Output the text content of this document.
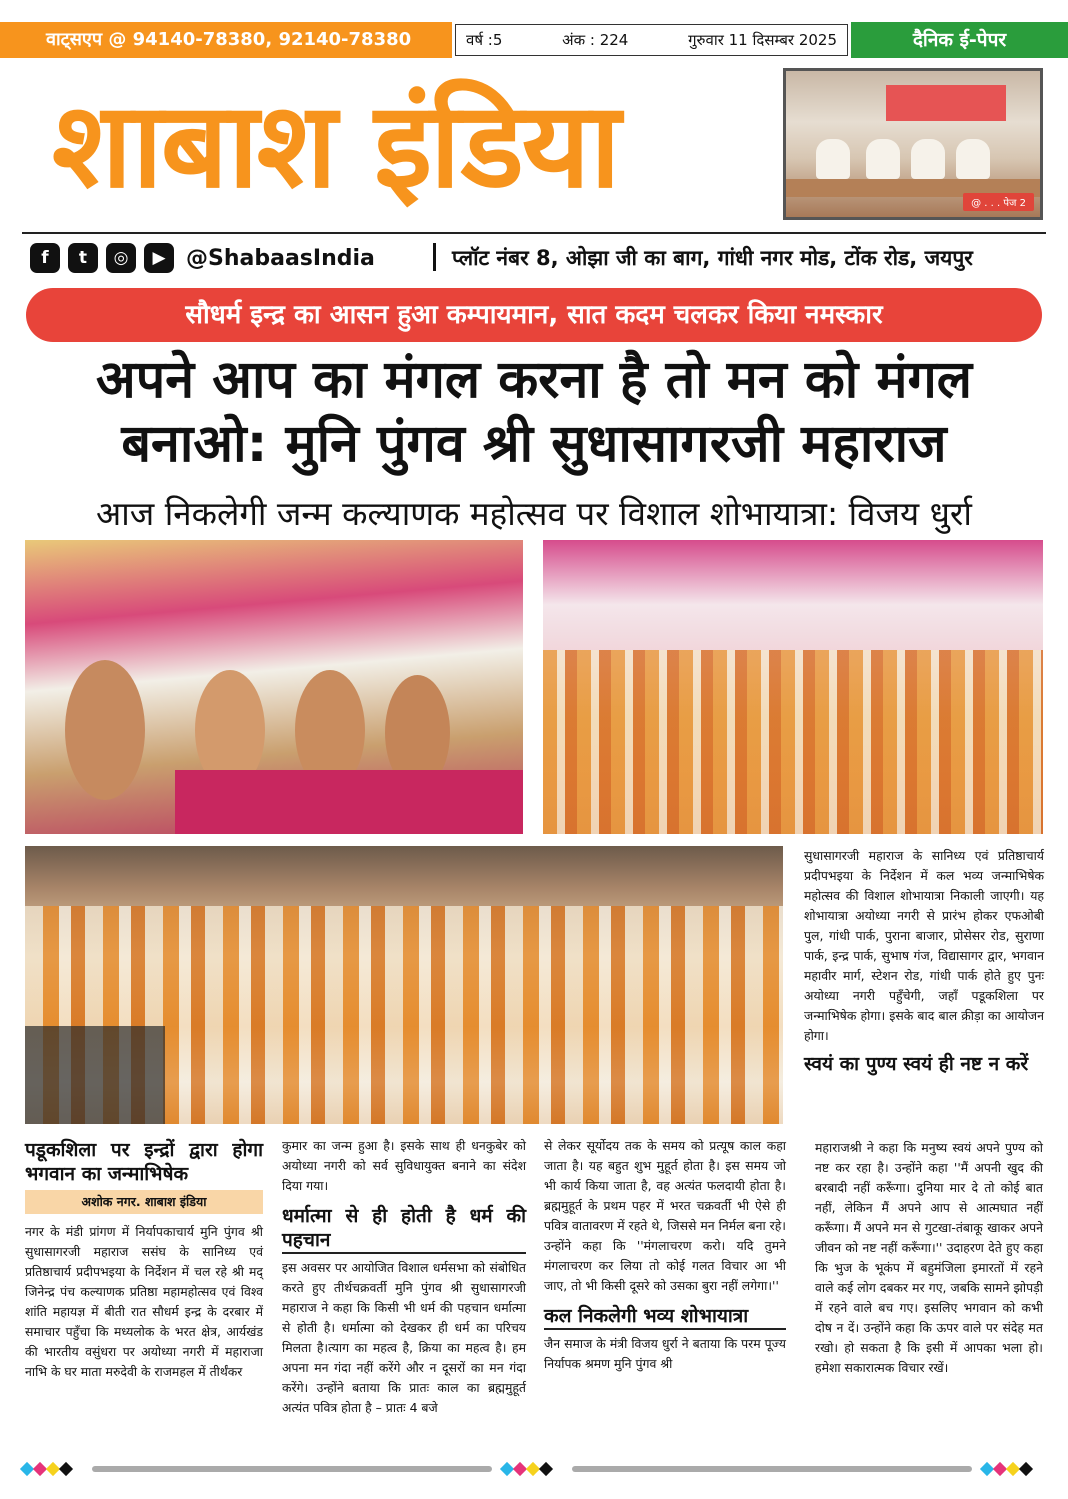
वाट्सएप @ 94140-78380, 92140-78380	वर्ष :5	अंक : 224	गुरुवार 11 दिसम्बर 2025	दैनिक ई-पेपर
शाबाश इंडिया	@ . . . पेज 2
f	t	◎	▶ @ShabaasIndia	प्लॉट नंबर 8, ओझा जी का बाग, गांधी नगर मोड, टोंक रोड, जयपुर
सौधर्म इन्द्र का आसन हुआ कम्पायमान, सात कदम चलकर किया नमस्कार
अपने आप का मंगल करना है तो मन को मंगल
बनाओ: मुनि पुंगव श्री सुधासागरजी महाराज
आज निकलेगी जन्म कल्याणक महोत्सव पर विशाल शोभायात्रा: विजय धुर्रा

सुधासागरजी महाराज के सानिध्य एवं प्रतिष्ठाचार्य प्रदीपभइया के निर्देशन में कल भव्य जन्माभिषेक महोत्सव की विशाल शोभायात्रा निकाली जाएगी। यह शोभायात्रा अयोध्या नगरी से प्रारंभ होकर एफओबी पुल, गांधी पार्क, पुराना बाजार, प्रोसेसर रोड, सुराणा पार्क, इन्द्र पार्क, सुभाष गंज, विद्यासागर द्वार, भगवान महावीर मार्ग, स्टेशन रोड, गांधी पार्क होते हुए पुनः अयोध्या नगरी पहुँचेगी, जहाँ पडूकशिला पर जन्माभिषेक होगा। इसके बाद बाल क्रीड़ा का आयोजन होगा।

स्वयं का पुण्य स्वयं ही नष्ट न करें
पडूकशिला पर इन्द्रों द्वारा होगा भगवान का जन्माभिषेक
अशोक नगर. शाबाश इंडिया

नगर के मंडी प्रांगण में निर्यापकाचार्य मुनि पुंगव श्री सुधासागरजी महाराज ससंघ के सानिध्य एवं प्रतिष्ठाचार्य प्रदीपभइया के निर्देशन में चल रहे श्री मद् जिनेन्द्र पंच कल्याणक प्रतिष्ठा महामहोत्सव एवं विश्व शांति महायज्ञ में बीती रात सौधर्म इन्द्र के दरबार में समाचार पहुँचा कि मध्यलोक के भरत क्षेत्र, आर्यखंड की भारतीय वसुंधरा पर अयोध्या नगरी में महाराजा नाभि के घर माता मरुदेवी के राजमहल में तीर्थंकर

कुमार का जन्म हुआ है। इसके साथ ही धनकुबेर को अयोध्या नगरी को सर्व सुविधायुक्त बनाने का संदेश दिया गया।

धर्मात्मा से ही होती है धर्म की पहचान

इस अवसर पर आयोजित विशाल धर्मसभा को संबोधित करते हुए तीर्थचक्रवर्ती मुनि पुंगव श्री सुधासागरजी महाराज ने कहा कि किसी भी धर्म की पहचान धर्मात्मा से होती है। धर्मात्मा को देखकर ही धर्म का परिचय मिलता है।त्याग का महत्व है, क्रिया का महत्व है। हम अपना मन गंदा नहीं करेंगे और न दूसरों का मन गंदा करेंगे। उन्होंने बताया कि प्रातः काल का ब्रह्ममुहूर्त अत्यंत पवित्र होता है – प्रातः 4 बजे

से लेकर सूर्योदय तक के समय को प्रत्यूष काल कहा जाता है। यह बहुत शुभ मुहूर्त होता है। इस समय जो भी कार्य किया जाता है, वह अत्यंत फलदायी होता है। ब्रह्ममुहूर्त के प्रथम पहर में भरत चक्रवर्ती भी ऐसे ही पवित्र वातावरण में रहते थे, जिससे मन निर्मल बना रहे। उन्होंने कहा कि ''मंगलाचरण करो। यदि तुमने मंगलाचरण कर लिया तो कोई गलत विचार आ भी जाए, तो भी किसी दूसरे को उसका बुरा नहीं लगेगा।''

कल निकलेगी भव्य शोभायात्रा

जैन समाज के मंत्री विजय धुर्रा ने बताया कि परम पूज्य निर्यापक श्रमण मुनि पुंगव श्री

महाराजश्री ने कहा कि मनुष्य स्वयं अपने पुण्य को नष्ट कर रहा है। उन्होंने कहा ''मैं अपनी खुद की बरबादी नहीं करूँगा। दुनिया मार दे तो कोई बात नहीं, लेकिन मैं अपने आप से आत्मघात नहीं करूँगा। मैं अपने मन से गुटखा-तंबाकू खाकर अपने जीवन को नष्ट नहीं करूँगा।'' उदाहरण देते हुए कहा कि भुज के भूकंप में बहुमंजिला इमारतों में रहने वाले कई लोग दबकर मर गए, जबकि सामने झोपड़ी में रहने वाले बच गए। इसलिए भगवान को कभी दोष न दें। उन्होंने कहा कि ऊपर वाले पर संदेह मत रखो। हो सकता है कि इसी में आपका भला हो। हमेशा सकारात्मक विचार रखें।
